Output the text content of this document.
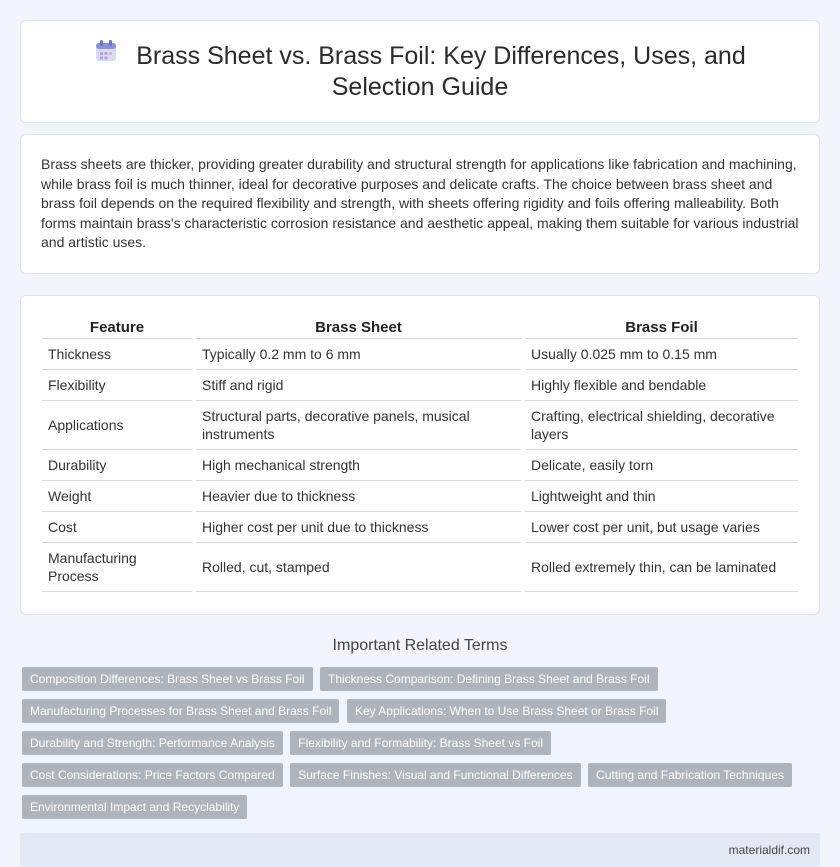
Brass Sheet vs. Brass Foil: Key Differences, Uses, and Selection Guide

Brass sheets are thicker, providing greater durability and structural strength for applications like fabrication and machining, while brass foil is much thinner, ideal for decorative purposes and delicate crafts. The choice between brass sheet and brass foil depends on the required flexibility and strength, with sheets offering rigidity and foils offering malleability. Both forms maintain brass's characteristic corrosion resistance and aesthetic appeal, making them suitable for various industrial and artistic uses.

Feature	Brass Sheet	Brass Foil
Thickness	Typically 0.2 mm to 6 mm	Usually 0.025 mm to 0.15 mm
Flexibility	Stiff and rigid	Highly flexible and bendable
Applications	Structural parts, decorative panels, musical instruments	Crafting, electrical shielding, decorative layers
Durability	High mechanical strength	Delicate, easily torn
Weight	Heavier due to thickness	Lightweight and thin
Cost	Higher cost per unit due to thickness	Lower cost per unit, but usage varies
Manufacturing Process	Rolled, cut, stamped	Rolled extremely thin, can be laminated
Important Related Terms
Composition Differences: Brass Sheet vs Brass Foil Thickness Comparison: Defining Brass Sheet and Brass Foil Manufacturing Processes for Brass Sheet and Brass Foil Key Applications: When to Use Brass Sheet or Brass Foil Durability and Strength: Performance Analysis Flexibility and Formability: Brass Sheet vs Foil Cost Considerations: Price Factors Compared Surface Finishes: Visual and Functional Differences Cutting and Fabrication Techniques Environmental Impact and Recyclability
materialdif.com
